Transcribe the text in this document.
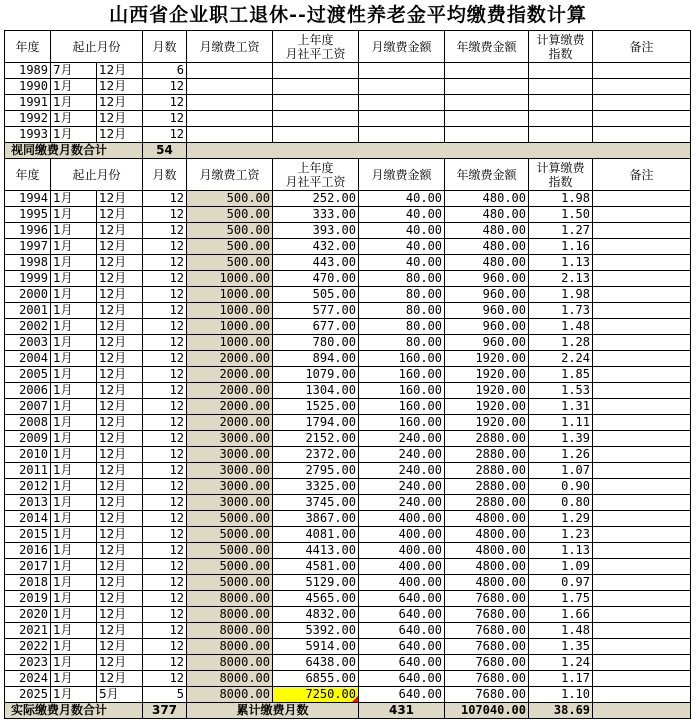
山西省企业职工退休--过渡性养老金平均缴费指数计算
年度	起止月份		月数	月缴费工资	上年度
月社平工资	月缴费金额	年缴费金额	计算缴费
指数	备注
1989	7月	12月	6						
1990	1月	12月	12						
1991	1月	12月	12						
1992	1月	12月	12						
1993	1月	12月	12						
视同缴费月数合计			54						
年度	起止月份		月数	月缴费工资	上年度
月社平工资	月缴费金额	年缴费金额	计算缴费
指数	备注
1994	1月	12月	12	500.00	252.00	40.00	480.00	1.98	
1995	1月	12月	12	500.00	333.00	40.00	480.00	1.50	
1996	1月	12月	12	500.00	393.00	40.00	480.00	1.27	
1997	1月	12月	12	500.00	432.00	40.00	480.00	1.16	
1998	1月	12月	12	500.00	443.00	40.00	480.00	1.13	
1999	1月	12月	12	1000.00	470.00	80.00	960.00	2.13	
2000	1月	12月	12	1000.00	505.00	80.00	960.00	1.98	
2001	1月	12月	12	1000.00	577.00	80.00	960.00	1.73	
2002	1月	12月	12	1000.00	677.00	80.00	960.00	1.48	
2003	1月	12月	12	1000.00	780.00	80.00	960.00	1.28	
2004	1月	12月	12	2000.00	894.00	160.00	1920.00	2.24	
2005	1月	12月	12	2000.00	1079.00	160.00	1920.00	1.85	
2006	1月	12月	12	2000.00	1304.00	160.00	1920.00	1.53	
2007	1月	12月	12	2000.00	1525.00	160.00	1920.00	1.31	
2008	1月	12月	12	2000.00	1794.00	160.00	1920.00	1.11	
2009	1月	12月	12	3000.00	2152.00	240.00	2880.00	1.39	
2010	1月	12月	12	3000.00	2372.00	240.00	2880.00	1.26	
2011	1月	12月	12	3000.00	2795.00	240.00	2880.00	1.07	
2012	1月	12月	12	3000.00	3325.00	240.00	2880.00	0.90	
2013	1月	12月	12	3000.00	3745.00	240.00	2880.00	0.80	
2014	1月	12月	12	5000.00	3867.00	400.00	4800.00	1.29	
2015	1月	12月	12	5000.00	4081.00	400.00	4800.00	1.23	
2016	1月	12月	12	5000.00	4413.00	400.00	4800.00	1.13	
2017	1月	12月	12	5000.00	4581.00	400.00	4800.00	1.09	
2018	1月	12月	12	5000.00	5129.00	400.00	4800.00	0.97	
2019	1月	12月	12	8000.00	4565.00	640.00	7680.00	1.75	
2020	1月	12月	12	8000.00	4832.00	640.00	7680.00	1.66	
2021	1月	12月	12	8000.00	5392.00	640.00	7680.00	1.48	
2022	1月	12月	12	8000.00	5914.00	640.00	7680.00	1.35	
2023	1月	12月	12	8000.00	6438.00	640.00	7680.00	1.24	
2024	1月	12月	12	8000.00	6855.00	640.00	7680.00	1.17	
2025	1月	5月	5	8000.00	7250.00	640.00	7680.00	1.10	
实际缴费月数合计			377	累计缴费月数		431	107040.00	38.69	
